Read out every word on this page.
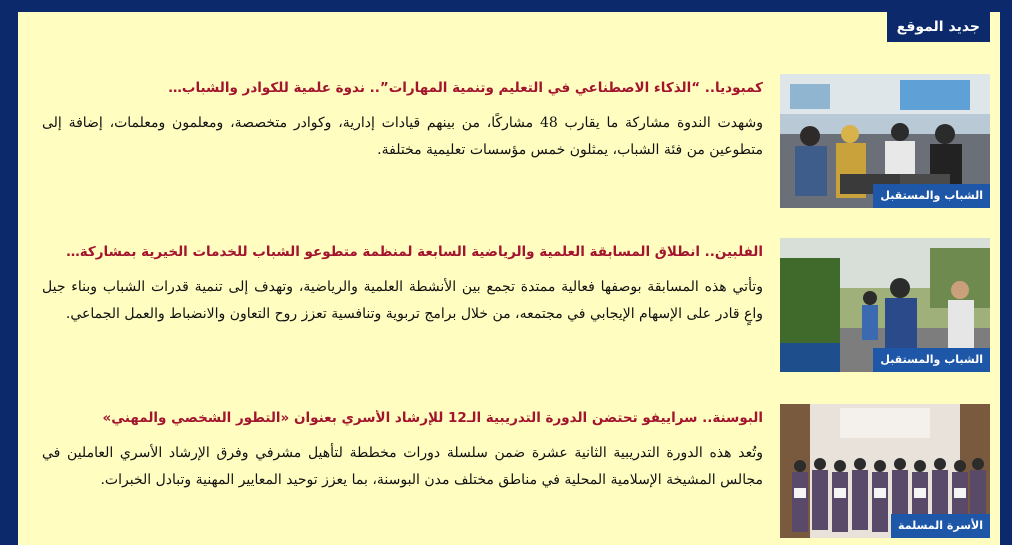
جديد الموقع
الشباب والمستقبل
كمبوديا.. “الذكاء الاصطناعي في التعليم وتنمية المهارات”.. ندوة علمية للكوادر والشباب…

وشهدت الندوة مشاركة ما يقارب 48 مشاركًا، من بينهم قيادات إدارية، وكوادر متخصصة، ومعلمون ومعلمات، إضافة إلى متطوعين من فئة الشباب، يمثلون خمس مؤسسات تعليمية مختلفة.

الشباب والمستقبل
الفلبين.. انطلاق المسابقة العلمية والرياضية السابعة لمنظمة متطوعو الشباب للخدمات الخيرية بمشاركة…

وتأتي هذه المسابقة بوصفها فعالية ممتدة تجمع بين الأنشطة العلمية والرياضية، وتهدف إلى تنمية قدرات الشباب وبناء جيل واعٍ قادر على الإسهام الإيجابي في مجتمعه، من خلال برامج تربوية وتنافسية تعزز روح التعاون والانضباط والعمل الجماعي.

الأسرة المسلمة
البوسنة.. سراييفو تحتضن الدورة التدريبية الـ12 للإرشاد الأسري بعنوان «التطور الشخصي والمهني»

وتُعد هذه الدورة التدريبية الثانية عشرة ضمن سلسلة دورات مخططة لتأهيل مشرفي وفرق الإرشاد الأسري العاملين في مجالس المشيخة الإسلامية المحلية في مناطق مختلف مدن البوسنة، بما يعزز توحيد المعايير المهنية وتبادل الخبرات.
